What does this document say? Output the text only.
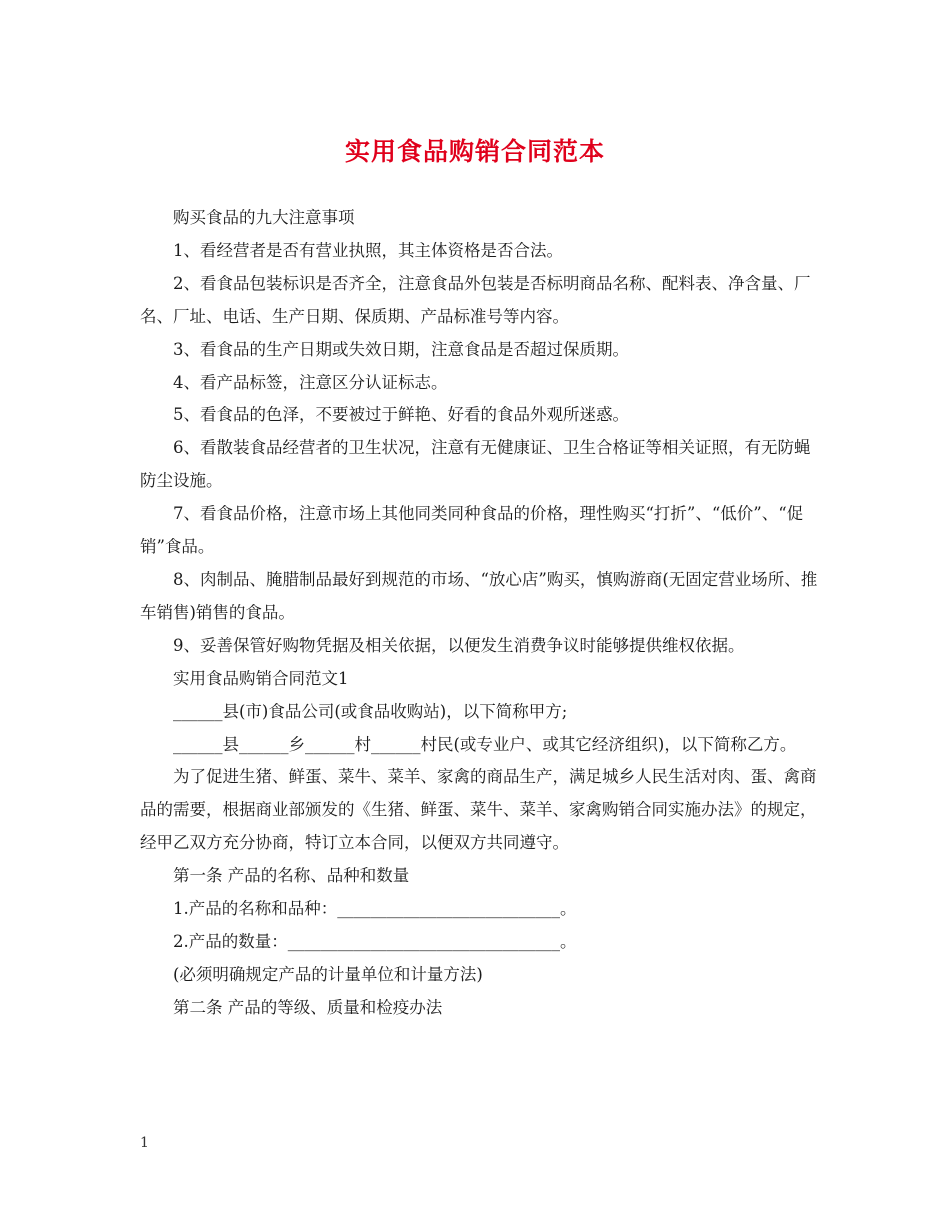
实用食品购销合同范本

购买食品的九大注意事项

1、看经营者是否有营业执照，其主体资格是否合法。

2、看食品包装标识是否齐全，注意食品外包装是否标明商品名称、配料表、净含量、厂名、厂址、电话、生产日期、保质期、产品标准号等内容。

3、看食品的生产日期或失效日期，注意食品是否超过保质期。

4、看产品标签，注意区分认证标志。

5、看食品的色泽，不要被过于鲜艳、好看的食品外观所迷惑。

6、看散装食品经营者的卫生状况，注意有无健康证、卫生合格证等相关证照，有无防蝇防尘设施。

7、看食品价格，注意市场上其他同类同种食品的价格，理性购买“打折”、“低价”、“促销”食品。

8、肉制品、腌腊制品最好到规范的市场、“放心店”购买，慎购游商(无固定营业场所、推车销售)销售的食品。

9、妥善保管好购物凭据及相关依据，以便发生消费争议时能够提供维权依据。

实用食品购销合同范文1

______县(市)食品公司(或食品收购站)，以下简称甲方;

______县______乡______村______村民(或专业户、或其它经济组织)，以下简称乙方。

为了促进生猪、鲜蛋、菜牛、菜羊、家禽的商品生产，满足城乡人民生活对肉、蛋、禽商品的需要，根据商业部颁发的《生猪、鲜蛋、菜牛、菜羊、家禽购销合同实施办法》的规定，经甲乙双方充分协商，特订立本合同，以便双方共同遵守。

第一条 产品的名称、品种和数量

1.产品的名称和品种：___________________________。

2.产品的数量：_________________________________。

(必须明确规定产品的计量单位和计量方法)

第二条 产品的等级、质量和检疫办法

1
